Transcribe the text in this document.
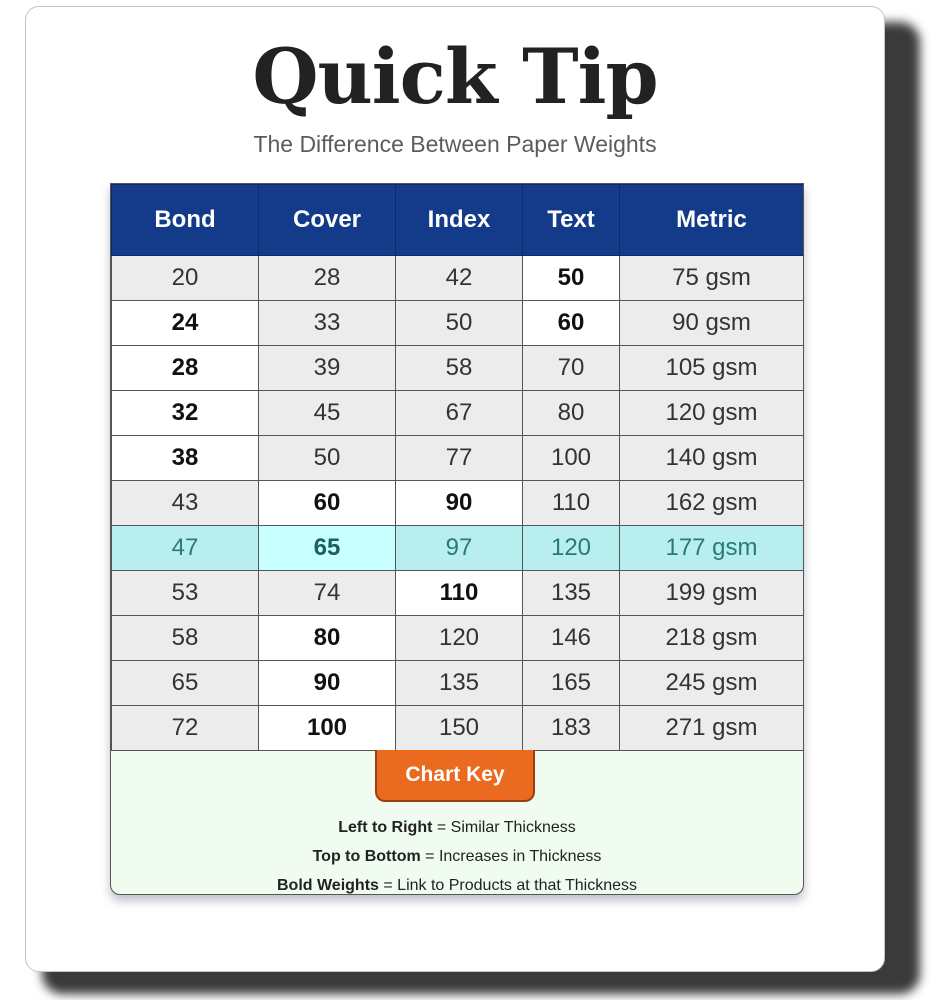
Quick Tip
The Difference Between Paper Weights
Bond	Cover	Index	Text	Metric
20	28	42	50	75 gsm
24	33	50	60	90 gsm
28	39	58	70	105 gsm
32	45	67	80	120 gsm
38	50	77	100	140 gsm
43	60	90	110	162 gsm
47	65	97	120	177 gsm
53	74	110	135	199 gsm
58	80	120	146	218 gsm
65	90	135	165	245 gsm
72	100	150	183	271 gsm
Chart Key
Left to Right = Similar Thickness
Top to Bottom = Increases in Thickness
Bold Weights = Link to Products at that Thickness
